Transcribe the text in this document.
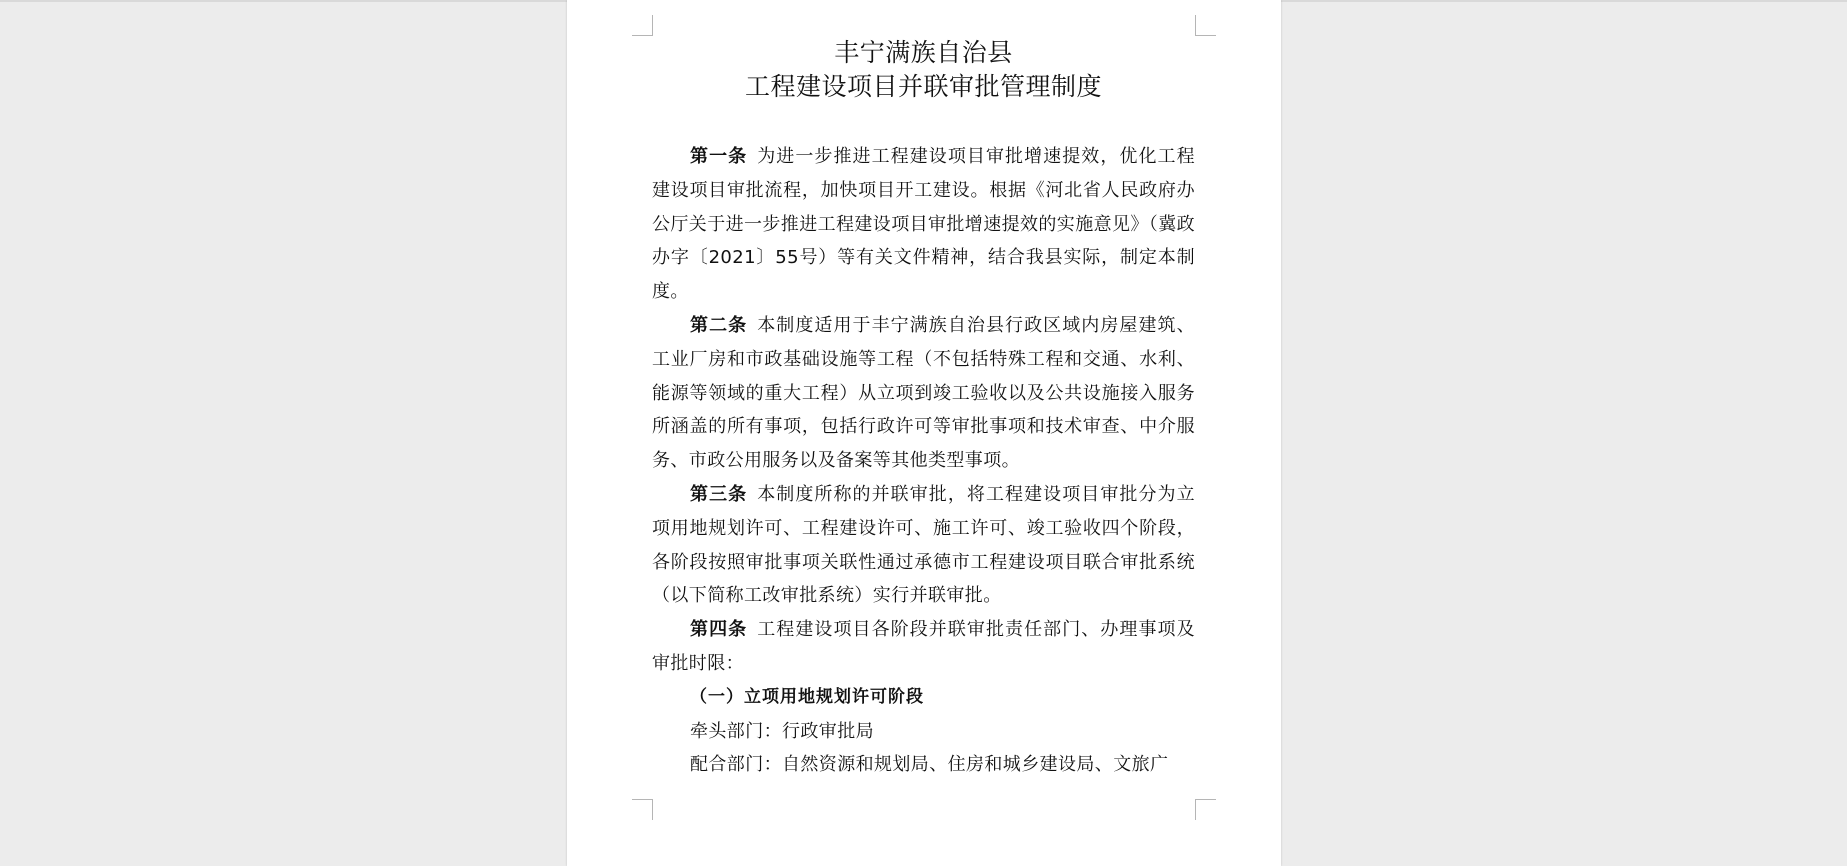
丰宁满族自治县
工程建设项目并联审批管理制度

第一条 为进一步推进工程建设项目审批增速提效，优化工程建设项目审批流程，加快项目开工建设。根据《河北省人民政府办公厅关于进一步推进工程建设项目审批增速提效的实施意见》（冀政办字〔2021〕55号）等有关文件精神，结合我县实际，制定本制度。

第二条 本制度适用于丰宁满族自治县行政区域内房屋建筑、工业厂房和市政基础设施等工程（不包括特殊工程和交通、水利、能源等领域的重大工程）从立项到竣工验收以及公共设施接入服务所涵盖的所有事项，包括行政许可等审批事项和技术审查、中介服务、市政公用服务以及备案等其他类型事项。

第三条 本制度所称的并联审批，将工程建设项目审批分为立项用地规划许可、工程建设许可、施工许可、竣工验收四个阶段，各阶段按照审批事项关联性通过承德市工程建设项目联合审批系统（以下简称工改审批系统）实行并联审批。

第四条 工程建设项目各阶段并联审批责任部门、办理事项及审批时限：

（一）立项用地规划许可阶段

牵头部门：行政审批局

配合部门：自然资源和规划局、住房和城乡建设局、文旅广
